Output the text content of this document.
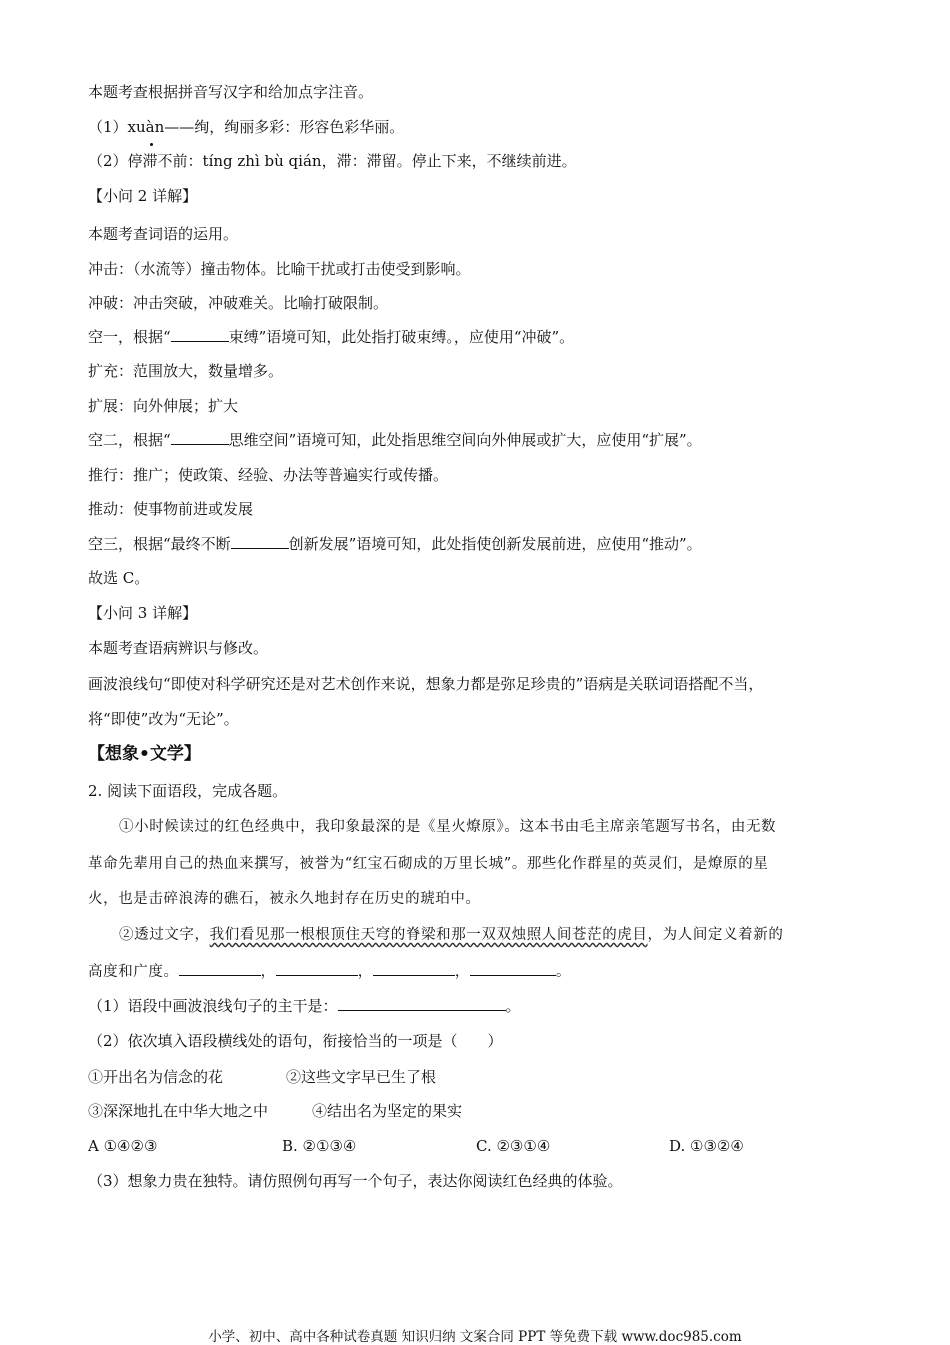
本题考查根据拼音写汉字和给加点字注音。
（1）xuàn——绚，绚丽多彩：形容色彩华丽。
（2）停滞不前：tíng zhì bù qián，滞：滞留。停止下来，不继续前进。
【小问 2 详解】
本题考查词语的运用。
冲击：（水流等）撞击物体。比喻干扰或打击使受到影响。
冲破：冲击突破，冲破难关。比喻打破限制。
空一，根据“	束缚”语境可知，此处指打破束缚。，应使用“冲破”。
扩充：范围放大，数量增多。
扩展：向外伸展；扩大
空二，根据“	思维空间”语境可知，此处指思维空间向外伸展或扩大，应使用“扩展”。
推行：推广；使政策、经验、办法等普遍实行或传播。
推动：使事物前进或发展
空三，根据“最终不断	创新发展”语境可知，此处指使创新发展前进，应使用“推动”。
故选 C。
【小问 3 详解】
本题考查语病辨识与修改。
画波浪线句“即使对科学研究还是对艺术创作来说，想象力都是弥足珍贵的”语病是关联词语搭配不当，
将“即使”改为“无论”。
【想象•文学】
2. 阅读下面语段，完成各题。
①小时候读过的红色经典中，我印象最深的是《星火燎原》。这本书由毛主席亲笔题写书名，由无数
革命先辈用自己的热血来撰写，被誉为“红宝石砌成的万里长城”。那些化作群星的英灵们，是燎原的星
火，也是击碎浪涛的礁石，被永久地封存在历史的琥珀中。
②透过文字，我们看见那一根根顶住天穹的脊梁和那一双双烛照人间苍茫的虎目，为人间定义着新的
高度和广度。	，	，	，	。
（1）语段中画波浪线句子的主干是：	。
（2）依次填入语段横线处的语句，衔接恰当的一项是（　　）
①开出名为信念的花	②这些文字早已生了根
③深深地扎在中华大地之中	④结出名为坚定的果实
A ①④②③	B. ②①③④	C. ②③①④	D. ①③②④
（3）想象力贵在独特。请仿照例句再写一个句子，表达你阅读红色经典的体验。
小学、初中、高中各种试卷真题 知识归纳 文案合同 PPT 等免费下载 www.doc985.com
